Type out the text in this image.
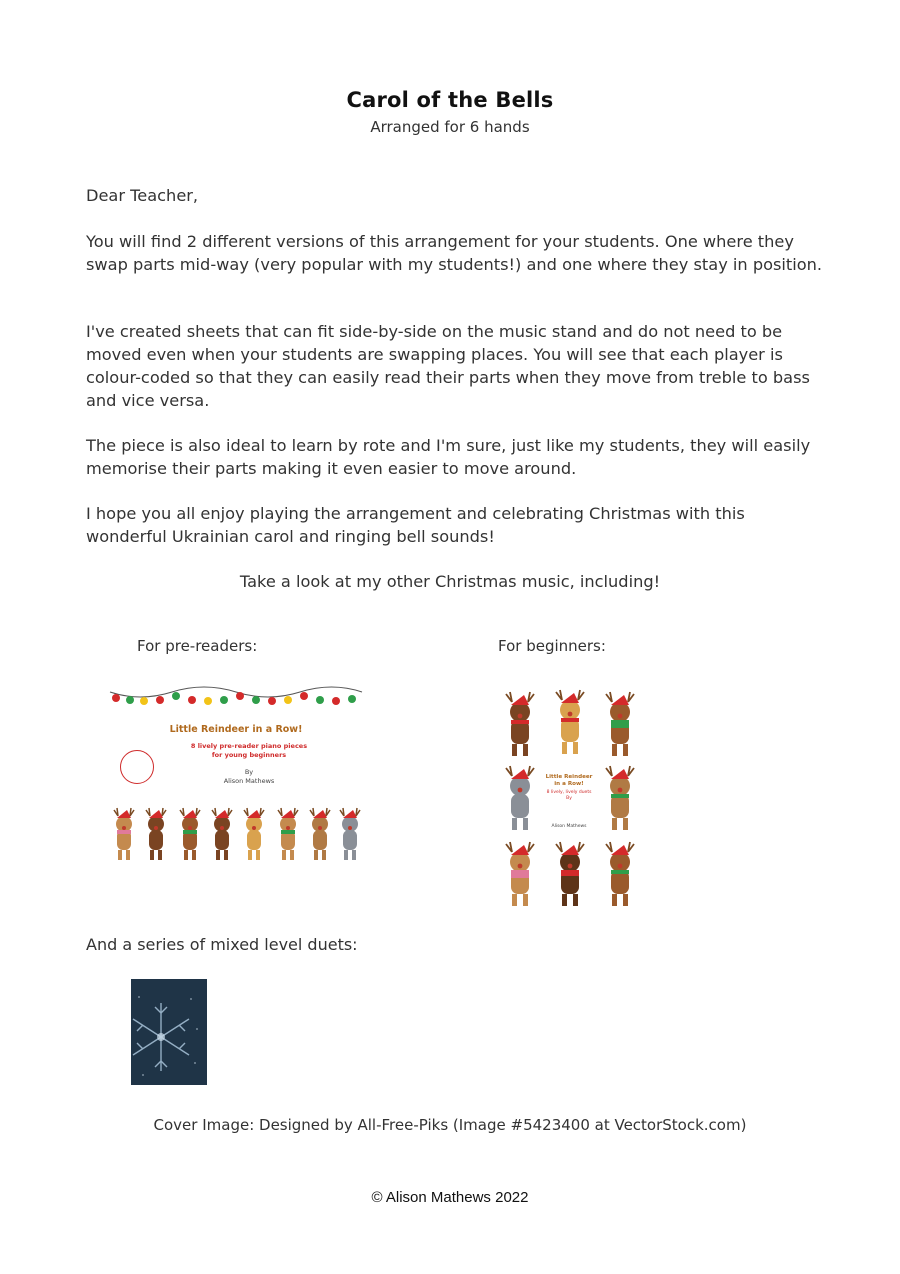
Carol of the Bells
Arranged for 6 hands

Dear Teacher,

You will find 2 different versions of this arrangement for your students. One where they swap parts mid-way (very popular with my students!) and one where they stay in position.

I've created sheets that can fit side-by-side on the music stand and do not need to be moved even when your students are swapping places. You will see that each player is colour-coded so that they can easily read their parts when they move from treble to bass and vice versa.

The piece is also ideal to learn by rote and I'm sure, just like my students, they will easily memorise their parts making it even easier to move around.

I hope you all enjoy playing the arrangement and celebrating Christmas with this wonderful Ukrainian carol and ringing bell sounds!

Take a look at my other Christmas music, including!
For pre-readers:	For beginners:
Little Reindeer in a Row!
8 lively pre-reader piano pieces
for young beginners
By
Alison Mathews	Little Reindeer
in a Row!
8 lively, lively duets
By
Alison Mathews
And a series of mixed level duets:
Cover Image: Designed by All-Free-Piks (Image #5423400 at VectorStock.com)
© Alison Mathews 2022
